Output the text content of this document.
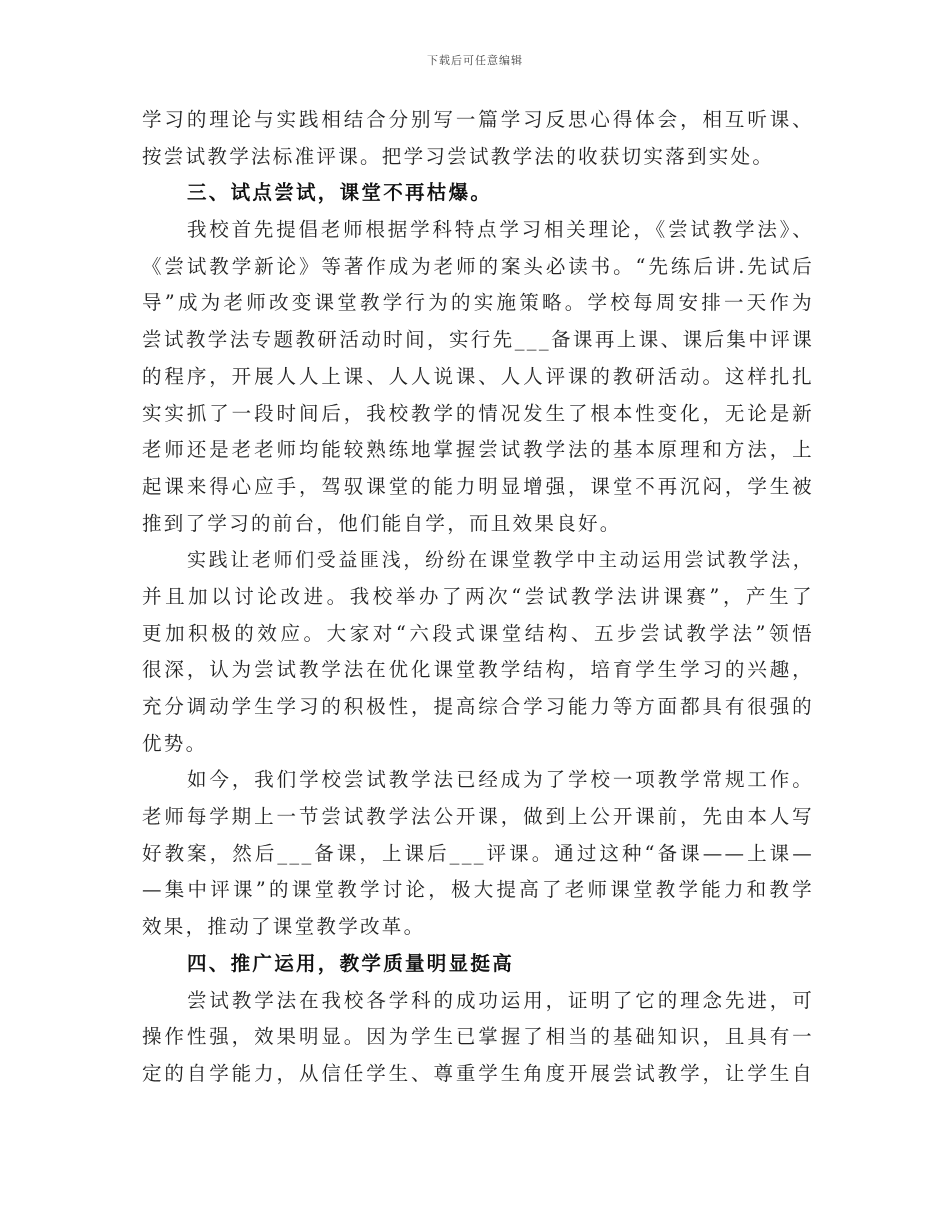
下载后可任意编辑
学习的理论与实践相结合分别写一篇学习反思心得体会，相互听课、
按尝试教学法标准评课。把学习尝试教学法的收获切实落到实处。
三、试点尝试，课堂不再枯爆。
我校首先提倡老师根据学科特点学习相关理论，《尝试教学法》、
《尝试教学新论》等著作成为老师的案头必读书。“先练后讲.先试后
导”成为老师改变课堂教学行为的实施策略。学校每周安排一天作为
尝试教学法专题教研活动时间，实行先___备课再上课、课后集中评课
的程序，开展人人上课、人人说课、人人评课的教研活动。这样扎扎
实实抓了一段时间后，我校教学的情况发生了根本性变化，无论是新
老师还是老老师均能较熟练地掌握尝试教学法的基本原理和方法，上
起课来得心应手，驾驭课堂的能力明显增强，课堂不再沉闷，学生被
推到了学习的前台，他们能自学，而且效果良好。
实践让老师们受益匪浅，纷纷在课堂教学中主动运用尝试教学法，
并且加以讨论改进。我校举办了两次“尝试教学法讲课赛”，产生了
更加积极的效应。大家对“六段式课堂结构、五步尝试教学法”领悟
很深，认为尝试教学法在优化课堂教学结构，培育学生学习的兴趣，
充分调动学生学习的积极性，提高综合学习能力等方面都具有很强的
优势。
如今，我们学校尝试教学法已经成为了学校一项教学常规工作。
老师每学期上一节尝试教学法公开课，做到上公开课前，先由本人写
好教案，然后___备课，上课后___评课。通过这种“备课——上课—
—集中评课”的课堂教学讨论，极大提高了老师课堂教学能力和教学
效果，推动了课堂教学改革。
四、推广运用，教学质量明显挺高
尝试教学法在我校各学科的成功运用，证明了它的理念先进，可
操作性强，效果明显。因为学生已掌握了相当的基础知识，且具有一
定的自学能力，从信任学生、尊重学生角度开展尝试教学，让学生自
